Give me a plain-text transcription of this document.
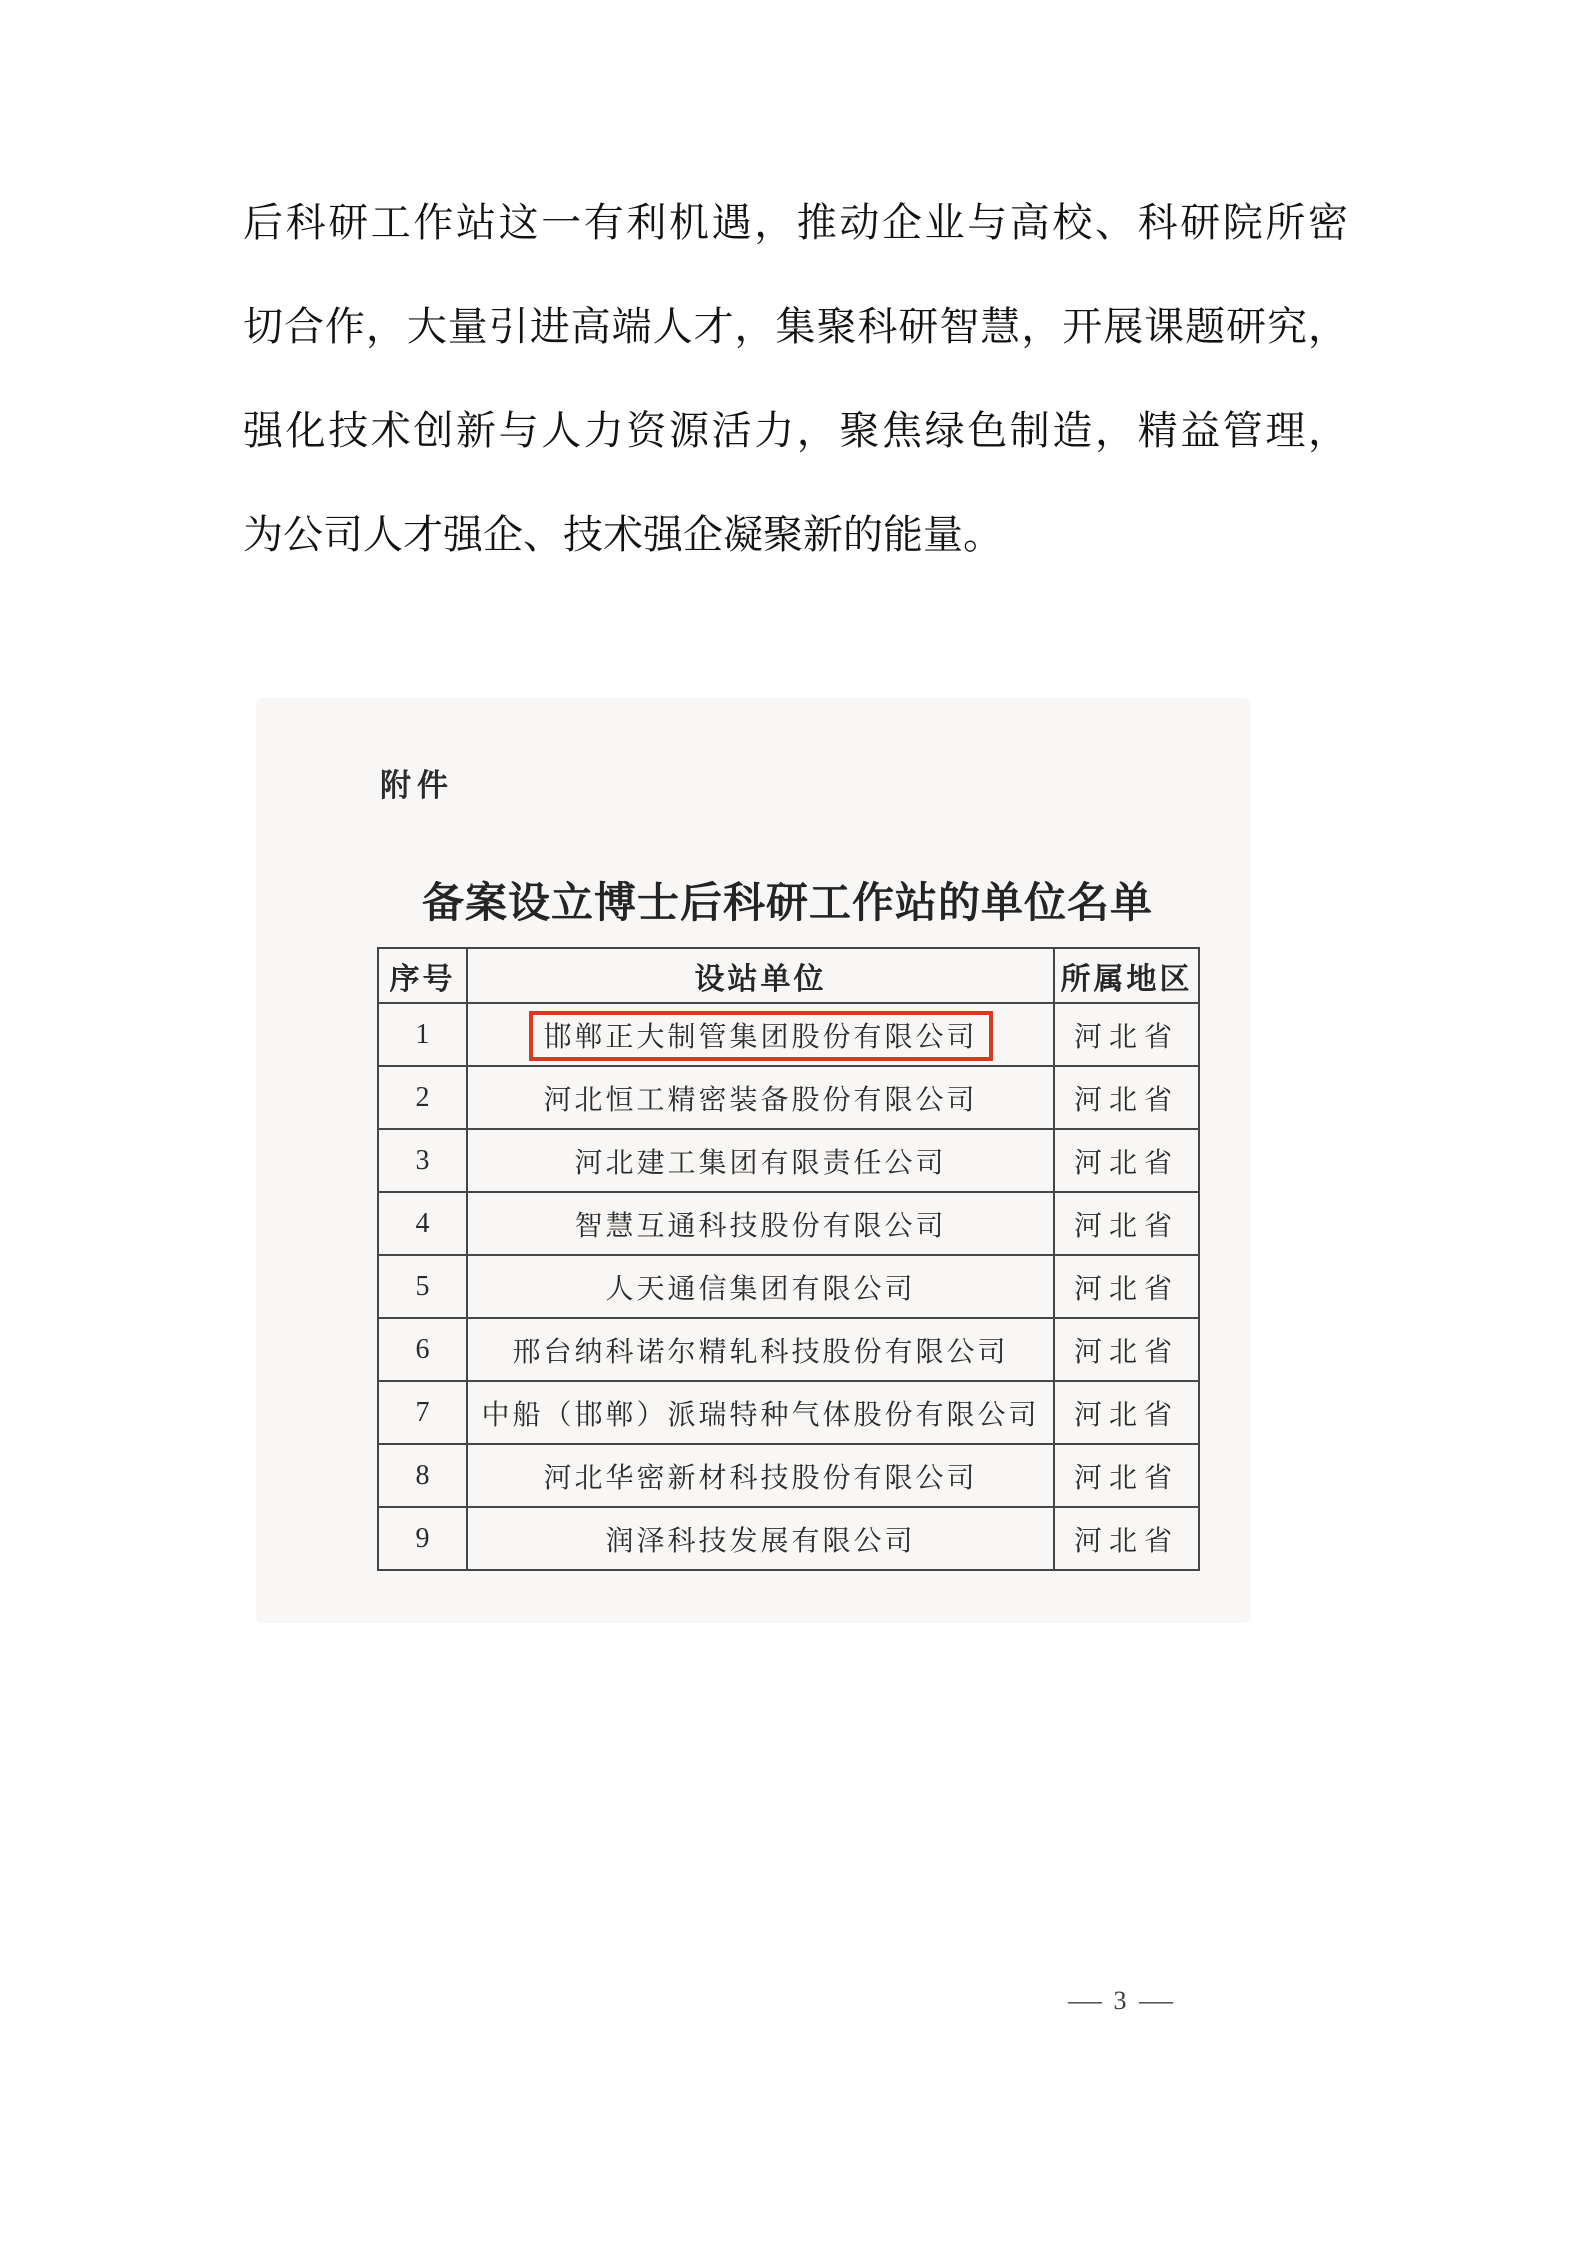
后科研工作站这一有利机遇，推动企业与高校、科研院所密
切合作，大量引进高端人才，集聚科研智慧，开展课题研究，
强化技术创新与人力资源活力，聚焦绿色制造，精益管理，
为公司人才强企、技术强企凝聚新的能量。
附件
备案设立博士后科研工作站的单位名单
序号	设站单位	所属地区
1	邯郸正大制管集团股份有限公司	河北省
2	河北恒工精密装备股份有限公司	河北省
3	河北建工集团有限责任公司	河北省
4	智慧互通科技股份有限公司	河北省
5	人天通信集团有限公司	河北省
6	邢台纳科诺尔精轧科技股份有限公司	河北省
7	中船（邯郸）派瑞特种气体股份有限公司	河北省
8	河北华密新材科技股份有限公司	河北省
9	润泽科技发展有限公司	河北省
— 3 —
